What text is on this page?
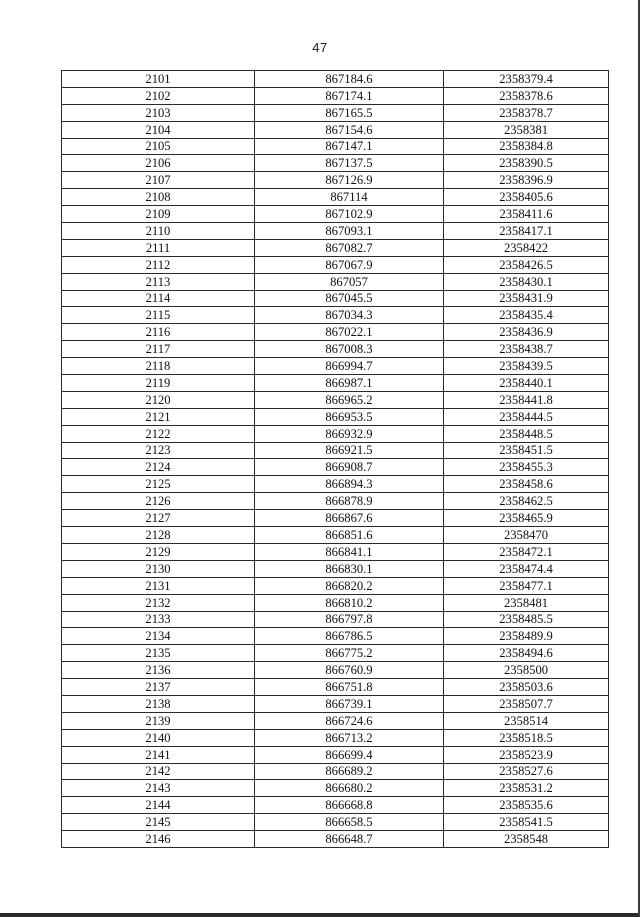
47
2101	867184.6	2358379.4
2102	867174.1	2358378.6
2103	867165.5	2358378.7
2104	867154.6	2358381
2105	867147.1	2358384.8
2106	867137.5	2358390.5
2107	867126.9	2358396.9
2108	867114	2358405.6
2109	867102.9	2358411.6
2110	867093.1	2358417.1
2111	867082.7	2358422
2112	867067.9	2358426.5
2113	867057	2358430.1
2114	867045.5	2358431.9
2115	867034.3	2358435.4
2116	867022.1	2358436.9
2117	867008.3	2358438.7
2118	866994.7	2358439.5
2119	866987.1	2358440.1
2120	866965.2	2358441.8
2121	866953.5	2358444.5
2122	866932.9	2358448.5
2123	866921.5	2358451.5
2124	866908.7	2358455.3
2125	866894.3	2358458.6
2126	866878.9	2358462.5
2127	866867.6	2358465.9
2128	866851.6	2358470
2129	866841.1	2358472.1
2130	866830.1	2358474.4
2131	866820.2	2358477.1
2132	866810.2	2358481
2133	866797.8	2358485.5
2134	866786.5	2358489.9
2135	866775.2	2358494.6
2136	866760.9	2358500
2137	866751.8	2358503.6
2138	866739.1	2358507.7
2139	866724.6	2358514
2140	866713.2	2358518.5
2141	866699.4	2358523.9
2142	866689.2	2358527.6
2143	866680.2	2358531.2
2144	866668.8	2358535.6
2145	866658.5	2358541.5
2146	866648.7	2358548
